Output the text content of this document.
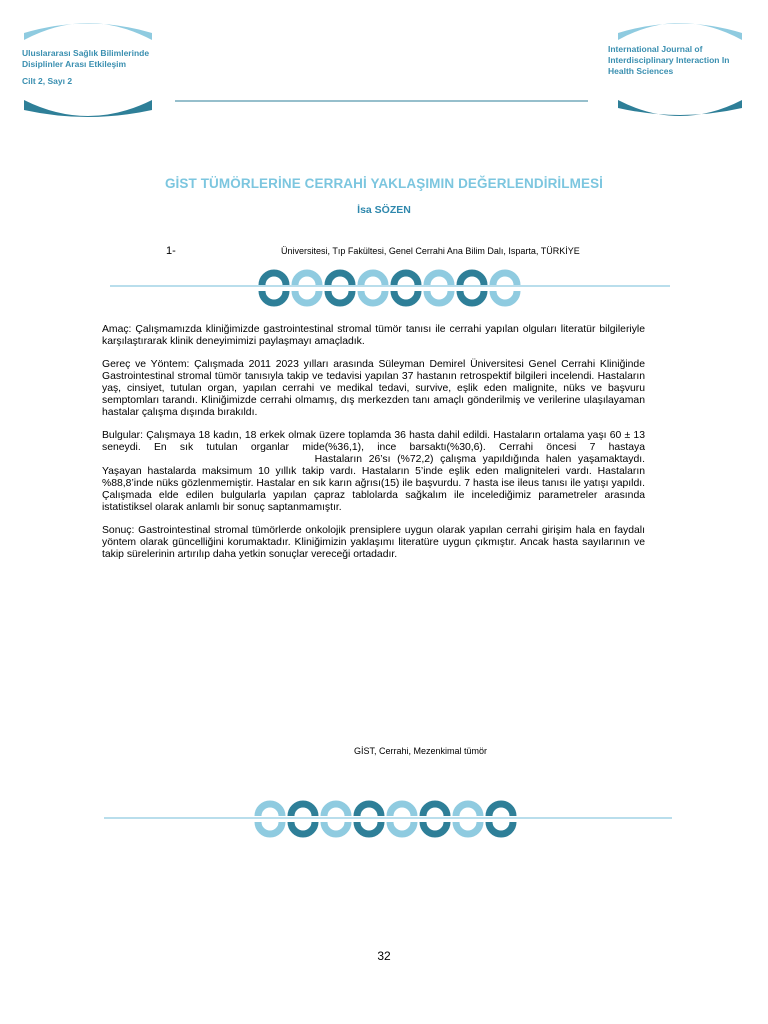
Uluslararası Sağlık Bilimlerinde
Disiplinler Arası Etkileşim
Cilt 2, Sayı 2
International Journal of
Interdisciplinary Interaction In
Health Sciences
GİST TÜMÖRLERİNE CERRAHİ YAKLAŞIMIN DEĞERLENDİRİLMESİ
İsa SÖZEN
1-	Üniversitesi, Tıp Fakültesi, Genel Cerrahi Ana Bilim Dalı, Isparta, TÜRKİYE

Amaç: Çalışmamızda kliniğimizde gastrointestinal stromal tümör tanısı ile cerrahi yapılan olguları literatür bilgileriyle karşılaştırarak klinik deneyimimizi paylaşmayı amaçladık.

Gereç ve Yöntem: Çalışmada 2011 2023 yılları arasında Süleyman Demirel Üniversitesi Genel Cerrahi Kliniğinde Gastrointestinal stromal tümör tanısıyla takip ve tedavisi yapılan 37 hastanın retrospektif bilgileri incelendi. Hastaların yaş, cinsiyet, tutulan organ, yapılan cerrahi ve medikal tedavi, survive, eşlik eden malignite, nüks ve başvuru semptomları tarandı. Kliniğimizde cerrahi olmamış, dış merkezden tanı amaçlı gönderilmiş ve verilerine ulaşılayaman hastalar çalışma dışında bırakıldı.

Bulgular: Çalışmaya 18 kadın, 18 erkek olmak üzere toplamda 36 hasta dahil edildi. Hastaların ortalama yaşı 60 ± 13 seneydi. En sık tutulan organlar mide(%36,1), ince barsaktı(%30,6). Cerrahi öncesi 7 hastaya Hastaların 26’sı (%72,2) çalışma yapıldığında halen yaşamaktaydı. Yaşayan hastalarda maksimum 10 yıllık takip vardı. Hastaların 5’inde eşlik eden maligniteleri vardı. Hastaların %88,8’inde nüks gözlenmemiştir. Hastalar en sık karın ağrısı(15) ile başvurdu. 7 hasta ise ileus tanısı ile yatışı yapıldı. Çalışmada elde edilen bulgularla yapılan çapraz tablolarda sağkalım ile incelediğimiz parametreler arasında istatistiksel olarak anlamlı bir sonuç saptanmamıştır.

Sonuç: Gastrointestinal stromal tümörlerde onkolojik prensiplere uygun olarak yapılan cerrahi girişim hala en faydalı yöntem olarak güncelliğini korumaktadır. Kliniğimizin yaklaşımı literatüre uygun çıkmıştır. Ancak hasta sayılarının ve takip sürelerinin artırılıp daha yetkin sonuçlar vereceği ortadadır.

GİST, Cerrahi, Mezenkimal tümör
32
